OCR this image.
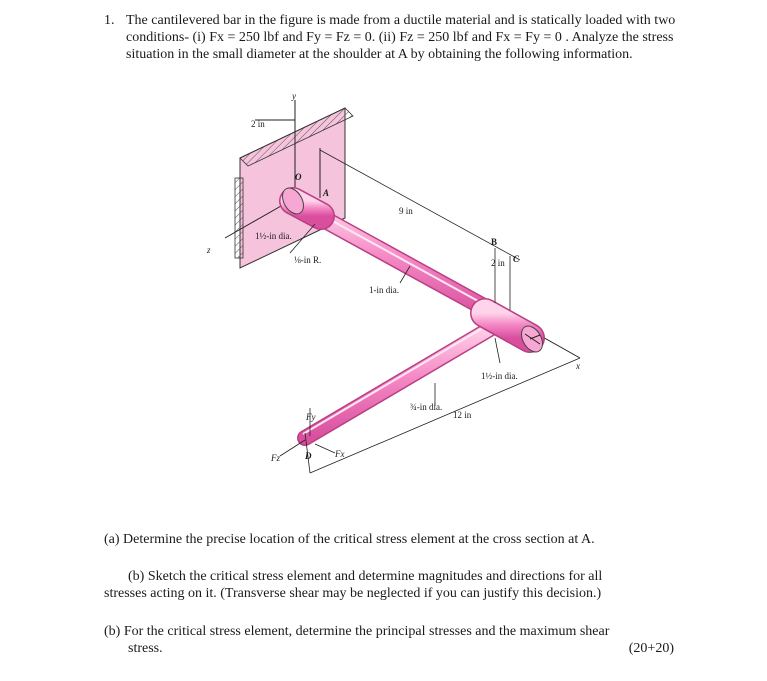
1. The cantilevered bar in the figure is made from a ductile material and is statically loaded with two conditions- (i) Fx = 250 lbf and Fy = Fz = 0. (ii) Fz = 250 lbf and Fx = Fy = 0 . Analyze the stress situation in the small diameter at the shoulder at A by obtaining the following information.
y
2 in
O
A
9 in
1½-in dia.
z
⅛-in R.
B
2 in C
1-in dia.
1½-in dia.
x
¾-in dia.
12 in
Fy
Fz	D	Fx
(a) Determine the precise location of the critical stress element at the cross section at A.
(b) Sketch the critical stress element and determine magnitudes and directions for all
stresses acting on it. (Transverse shear may be neglected if you can justify this decision.)
(b) For the critical stress element, determine the principal stresses and the maximum shear
stress.	(20+20)
